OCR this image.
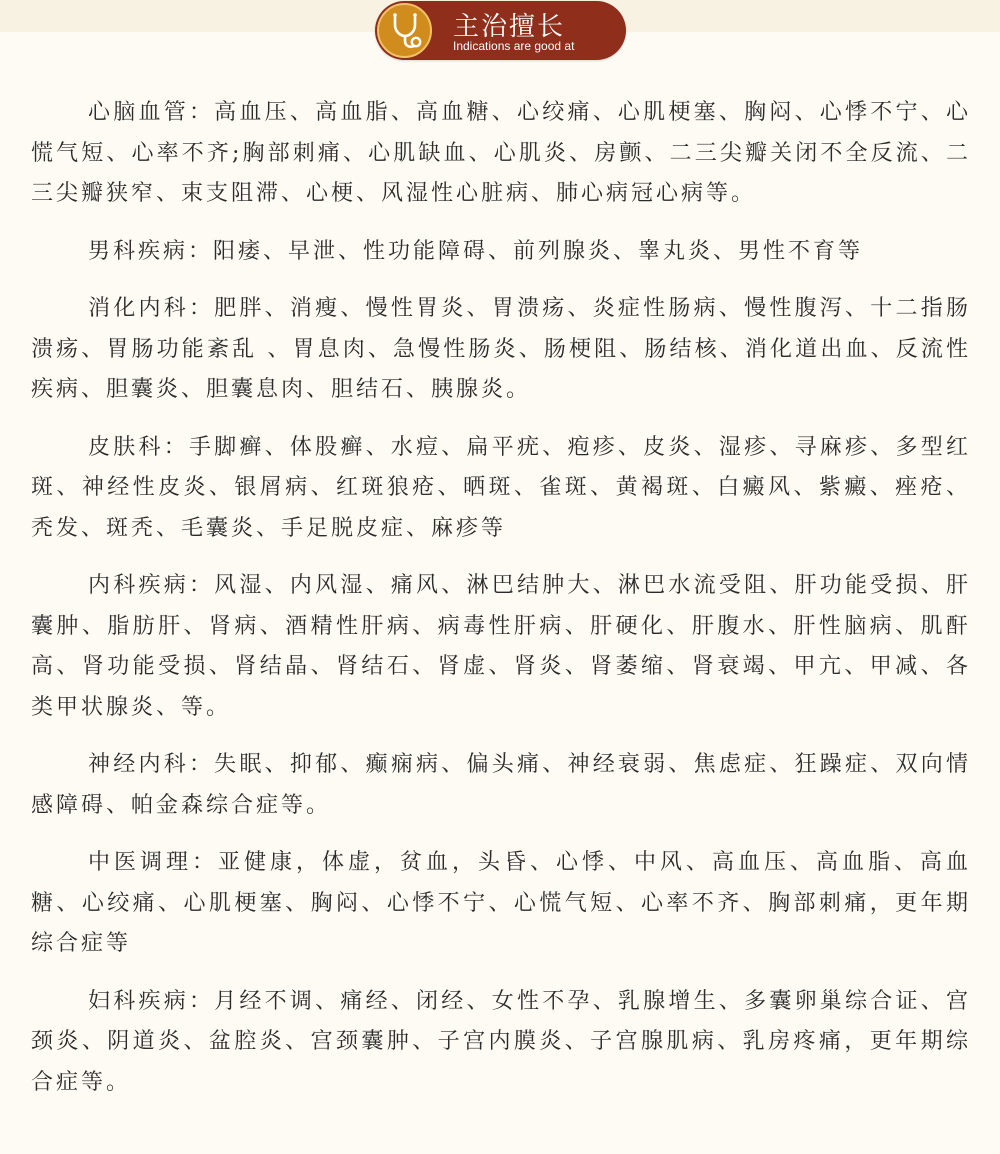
主治擅长
Indications are good at

心脑血管：高血压、高血脂、高血糖、心绞痛、心肌梗塞、胸闷、心悸不宁、心慌气短、心率不齐;胸部刺痛、心肌缺血、心肌炎、房颤、二三尖瓣关闭不全反流、二三尖瓣狭窄、束支阻滞、心梗、风湿性心脏病、肺心病冠心病等。

男科疾病：阳痿、早泄、性功能障碍、前列腺炎、睾丸炎、男性不育等

消化内科：肥胖、消瘦、慢性胃炎、胃溃疡、炎症性肠病、慢性腹泻、十二指肠溃疡、胃肠功能紊乱 、胃息肉、急慢性肠炎、肠梗阻、肠结核、消化道出血、反流性疾病、胆囊炎、胆囊息肉、胆结石、胰腺炎。

皮肤科：手脚癣、体股癣、水痘、扁平疣、疱疹、皮炎、湿疹、寻麻疹、多型红斑、神经性皮炎、银屑病、红斑狼疮、晒斑、雀斑、黄褐斑、白癜风、紫癜、痤疮、秃发、斑秃、毛囊炎、手足脱皮症、麻疹等

内科疾病：风湿、内风湿、痛风、淋巴结肿大、淋巴水流受阻、肝功能受损、肝囊肿、脂肪肝、肾病、酒精性肝病、病毒性肝病、肝硬化、肝腹水、肝性脑病、肌酐高、肾功能受损、肾结晶、肾结石、肾虚、肾炎、肾萎缩、肾衰竭、甲亢、甲减、各类甲状腺炎、等。

神经内科：失眠、抑郁、癫痫病、偏头痛、神经衰弱、焦虑症、狂躁症、双向情感障碍、帕金森综合症等。

中医调理：亚健康，体虚，贫血，头昏、心悸、中风、高血压、高血脂、高血糖、心绞痛、心肌梗塞、胸闷、心悸不宁、心慌气短、心率不齐、胸部刺痛，更年期综合症等

妇科疾病：月经不调、痛经、闭经、女性不孕、乳腺增生、多囊卵巢综合证、宫颈炎、阴道炎、盆腔炎、宫颈囊肿、子宫内膜炎、子宫腺肌病、乳房疼痛，更年期综合症等。
